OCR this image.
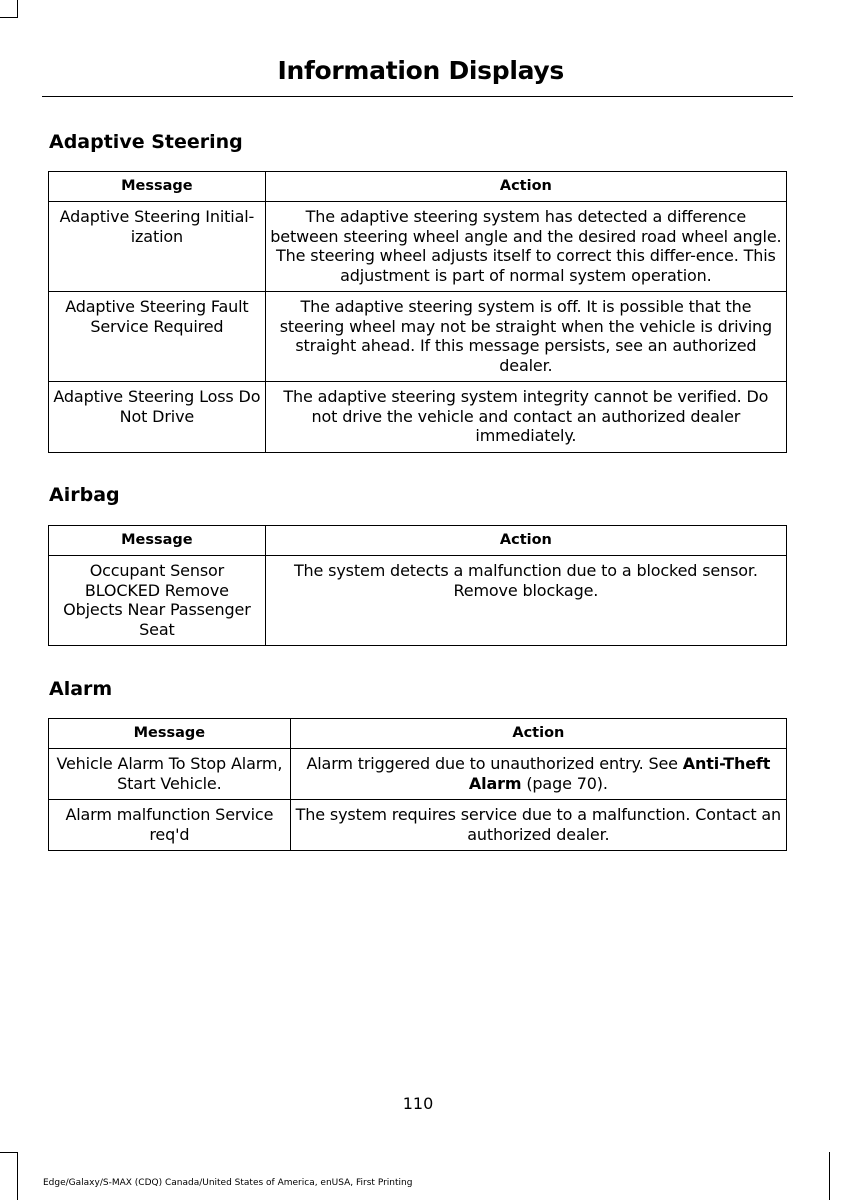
Information Displays
Adaptive Steering
Message	Action
Adaptive Steering Initial-ization	The adaptive steering system has detected a difference between steering wheel angle and the desired road wheel angle. The steering wheel adjusts itself to correct this differ-ence. This adjustment is part of normal system operation.
Adaptive Steering Fault Service Required	The adaptive steering system is off. It is possible that the steering wheel may not be straight when the vehicle is driving straight ahead. If this message persists, see an authorized dealer.
Adaptive Steering Loss Do Not Drive	The adaptive steering system integrity cannot be verified. Do not drive the vehicle and contact an authorized dealer immediately.
Airbag
Message	Action
Occupant Sensor BLOCKED Remove Objects Near Passenger Seat	The system detects a malfunction due to a blocked sensor. Remove blockage.
Alarm
Message	Action
Vehicle Alarm To Stop Alarm, Start Vehicle.	Alarm triggered due to unauthorized entry. See Anti-Theft Alarm (page 70).
Alarm malfunction Service req'd	The system requires service due to a malfunction. Contact an authorized dealer.
110
Edge/Galaxy/S-MAX (CDQ) Canada/United States of America, enUSA, First Printing
